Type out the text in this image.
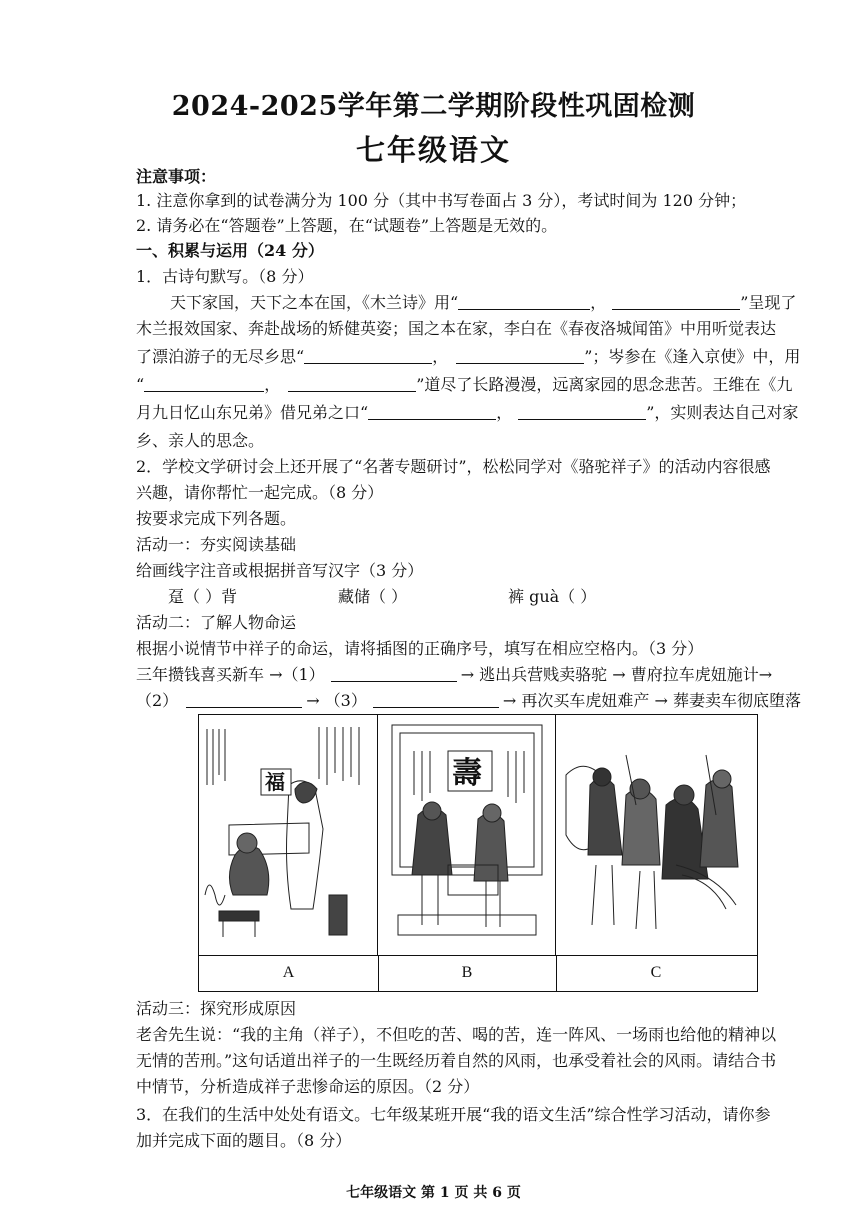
2024-2025学年第二学期阶段性巩固检测
七年级语文
注意事项：
1. 注意你拿到的试卷满分为 100 分（其中书写卷面占 3 分），考试时间为 120 分钟；
2. 请务必在“答题卷”上答题，在“试题卷”上答题是无效的。
一、积累与运用（24 分）
1．古诗句默写。（8 分）
天下家国，天下之本在国，《木兰诗》用“	，	”呈现了
木兰报效国家、奔赴战场的矫健英姿；国之本在家，李白在《春夜洛城闻笛》中用听觉表达
了漂泊游子的无尽乡思“	，	”；岑参在《逢入京使》中，用
“	，	”道尽了长路漫漫，远离家园的思念悲苦。王维在《九
月九日忆山东兄弟》借兄弟之口“	，	”，实则表达自己对家
乡、亲人的思念。
2．学校文学研讨会上还开展了“名著专题研讨”，松松同学对《骆驼祥子》的活动内容很感
兴趣，请你帮忙一起完成。（8 分）
按要求完成下列各题。
活动一：夯实阅读基础
给画线字注音或根据拼音写汉字（3 分）
趸（ ）背	藏储（ ）	裤 guà（ ）
活动二：了解人物命运
根据小说情节中祥子的命运，请将插图的正确序号，填写在相应空格内。（3 分）
三年攒钱喜买新车 →（1）	→ 逃出兵营贱卖骆驼 → 曹府拉车虎妞施计→
（2）	→ （3）	→ 再次买车虎妞难产 → 葬妻卖车彻底堕落
福	壽
A	B	C
活动三：探究形成原因
老舍先生说：“我的主角（祥子），不但吃的苦、喝的苦，连一阵风、一场雨也给他的精神以
无情的苦刑。”这句话道出祥子的一生既经历着自然的风雨，也承受着社会的风雨。请结合书
中情节，分析造成祥子悲惨命运的原因。（2 分）
3．在我们的生活中处处有语文。七年级某班开展“我的语文生活”综合性学习活动，请你参
加并完成下面的题目。（8 分）
七年级语文 第 1 页 共 6 页
